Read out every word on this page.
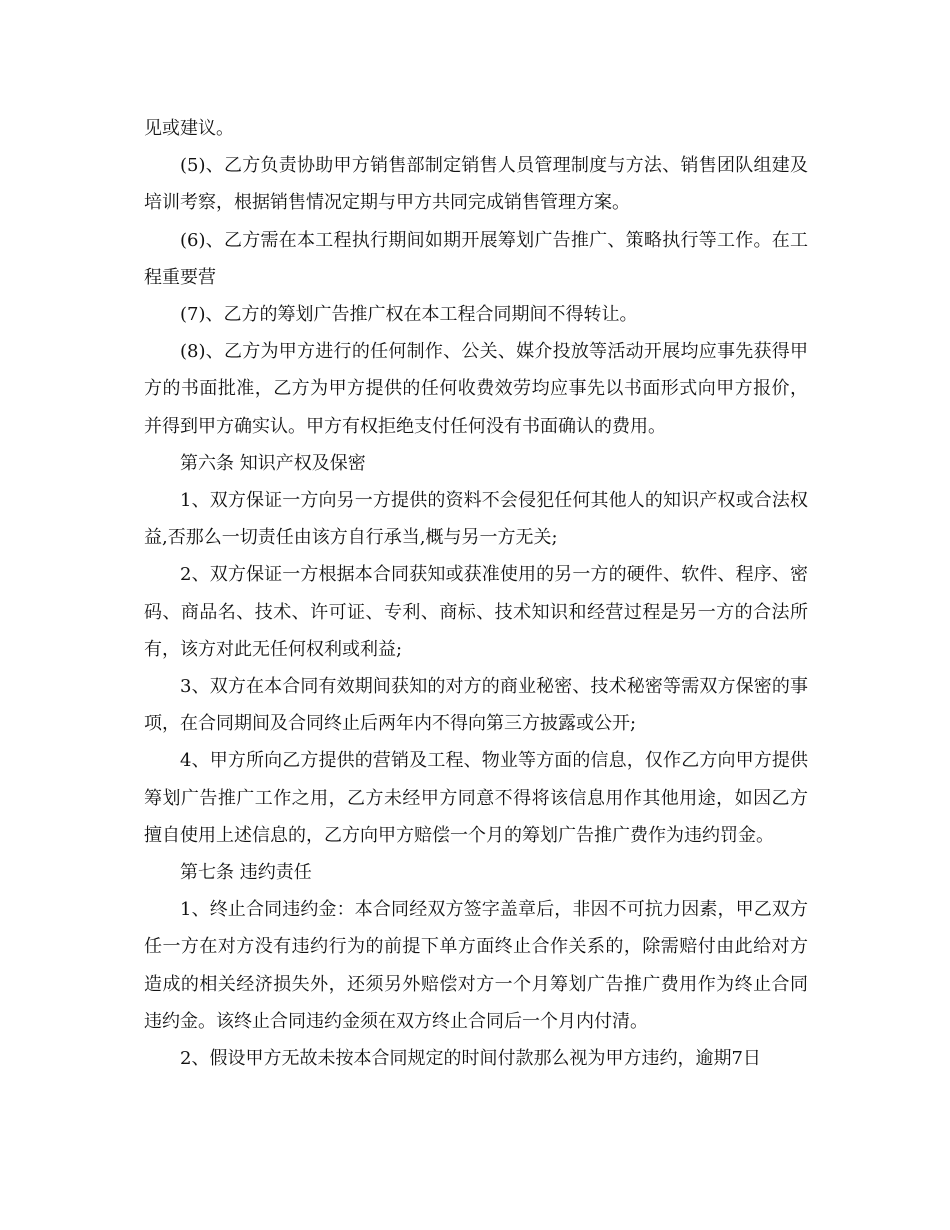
见或建议。

(5)、乙方负责协助甲方销售部制定销售人员管理制度与方法、销售团队组建及培训考察，根据销售情况定期与甲方共同完成销售管理方案。

(6)、乙方需在本工程执行期间如期开展筹划广告推广、策略执行等工作。在工程重要营

(7)、乙方的筹划广告推广权在本工程合同期间不得转让。

(8)、乙方为甲方进行的任何制作、公关、媒介投放等活动开展均应事先获得甲方的书面批准，乙方为甲方提供的任何收费效劳均应事先以书面形式向甲方报价，并得到甲方确实认。甲方有权拒绝支付任何没有书面确认的费用。

第六条 知识产权及保密

1、双方保证一方向另一方提供的资料不会侵犯任何其他人的知识产权或合法权益,否那么一切责任由该方自行承当,概与另一方无关;

2、双方保证一方根据本合同获知或获准使用的另一方的硬件、软件、程序、密码、商品名、技术、许可证、专利、商标、技术知识和经营过程是另一方的合法所有，该方对此无任何权利或利益;

3、双方在本合同有效期间获知的对方的商业秘密、技术秘密等需双方保密的事项，在合同期间及合同终止后两年内不得向第三方披露或公开;

4、甲方所向乙方提供的营销及工程、物业等方面的信息，仅作乙方向甲方提供筹划广告推广工作之用，乙方未经甲方同意不得将该信息用作其他用途，如因乙方擅自使用上述信息的，乙方向甲方赔偿一个月的筹划广告推广费作为违约罚金。

第七条 违约责任

1、终止合同违约金：本合同经双方签字盖章后，非因不可抗力因素，甲乙双方任一方在对方没有违约行为的前提下单方面终止合作关系的，除需赔付由此给对方造成的相关经济损失外，还须另外赔偿对方一个月筹划广告推广费用作为终止合同违约金。该终止合同违约金须在双方终止合同后一个月内付清。

2、假设甲方无故未按本合同规定的时间付款那么视为甲方违约，逾期7日
